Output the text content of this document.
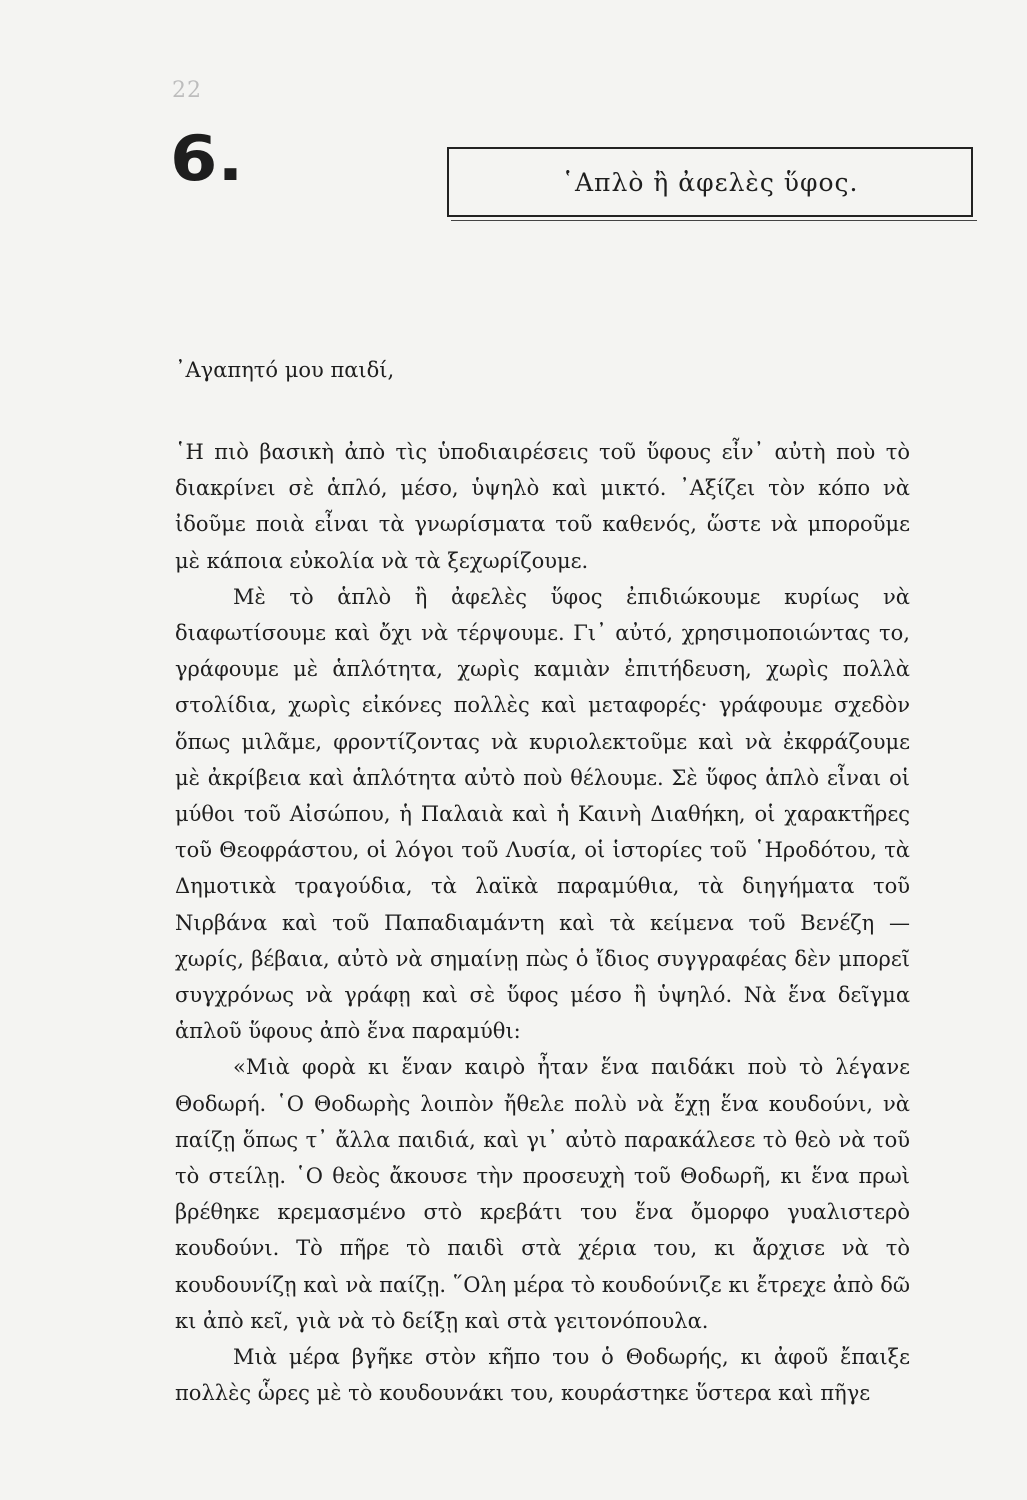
22
6.	῾Απλὸ ἢ ἀφελὲς ὕφος.
᾿Αγαπητό μου παιδί,

῾Η πιὸ βασικὴ ἀπὸ τὶς ὑποδιαιρέσεις τοῦ ὕφους εἶν᾿ αὐτὴ ποὺ τὸ διακρίνει σὲ ἁπλό, μέσο, ὑψηλὸ καὶ μικτό. ᾿Αξίζει τὸν κόπο νὰ ἰδοῦμε ποιὰ εἶναι τὰ γνωρίσματα τοῦ καθενός, ὥστε νὰ μποροῦμε μὲ κάποια εὐκολία νὰ τὰ ξεχωρίζουμε.

Μὲ τὸ ἁπλὸ ἢ ἀφελὲς ὕφος ἐπιδιώκουμε κυρίως νὰ διαφωτίσουμε καὶ ὄχι νὰ τέρψουμε. Γι᾿ αὐτό, χρησιμοποιώντας το, γράφουμε μὲ ἁπλότητα, χωρὶς καμιὰν ἐπιτήδευση, χωρὶς πολλὰ στολίδια, χωρὶς εἰκόνες πολλὲς καὶ μεταφορές· γράφουμε σχεδὸν ὅπως μιλᾶμε, φροντίζοντας νὰ κυριολεκτοῦμε καὶ νὰ ἐκφράζουμε μὲ ἀκρίβεια καὶ ἁπλότητα αὐτὸ ποὺ θέλουμε. Σὲ ὕφος ἁπλὸ εἶναι οἱ μύθοι τοῦ Αἰσώπου, ἡ Παλαιὰ καὶ ἡ Καινὴ Διαθήκη, οἱ χαρακτῆρες τοῦ Θεοφράστου, οἱ λόγοι τοῦ Λυσία, οἱ ἱστορίες τοῦ ῾Ηροδότου, τὰ Δημοτικὰ τραγούδια, τὰ λαϊκὰ παραμύθια, τὰ διηγήματα τοῦ Νιρβάνα καὶ τοῦ Παπαδιαμάντη καὶ τὰ κείμενα τοῦ Βενέζη — χωρίς, βέβαια, αὐτὸ νὰ σημαίνῃ πὼς ὁ ἴδιος συγγραφέας δὲν μπορεῖ συγχρόνως νὰ γράφῃ καὶ σὲ ὕφος μέσο ἢ ὑψηλό. Νὰ ἕνα δεῖγμα ἁπλοῦ ὕφους ἀπὸ ἕνα παραμύθι:

«Μιὰ φορὰ κι ἕναν καιρὸ ἦταν ἕνα παιδάκι ποὺ τὸ λέγανε Θοδωρή. ῾Ο Θοδωρὴς λοιπὸν ἤθελε πολὺ νὰ ἔχῃ ἕνα κουδούνι, νὰ παίζῃ ὅπως τ᾿ ἄλλα παιδιά, καὶ γι᾿ αὐτὸ παρακάλεσε τὸ θεὸ νὰ τοῦ τὸ στείλῃ. ῾Ο θεὸς ἄκουσε τὴν προσευχὴ τοῦ Θοδωρῆ, κι ἕνα πρωὶ βρέθηκε κρεμασμένο στὸ κρεβάτι του ἕνα ὄμορφο γυαλιστερὸ κουδούνι. Τὸ πῆρε τὸ παιδὶ στὰ χέρια του, κι ἄρχισε νὰ τὸ κουδουνίζῃ καὶ νὰ παίζῃ. ῞Ολη μέρα τὸ κουδούνιζε κι ἔτρεχε ἀπὸ δῶ κι ἀπὸ κεῖ, γιὰ νὰ τὸ δείξῃ καὶ στὰ γειτονόπουλα.

Μιὰ μέρα βγῆκε στὸν κῆπο του ὁ Θοδωρής, κι ἀφοῦ ἔπαιξε πολλὲς ὧρες μὲ τὸ κουδουνάκι του, κουράστηκε ὕστερα καὶ πῆγε
